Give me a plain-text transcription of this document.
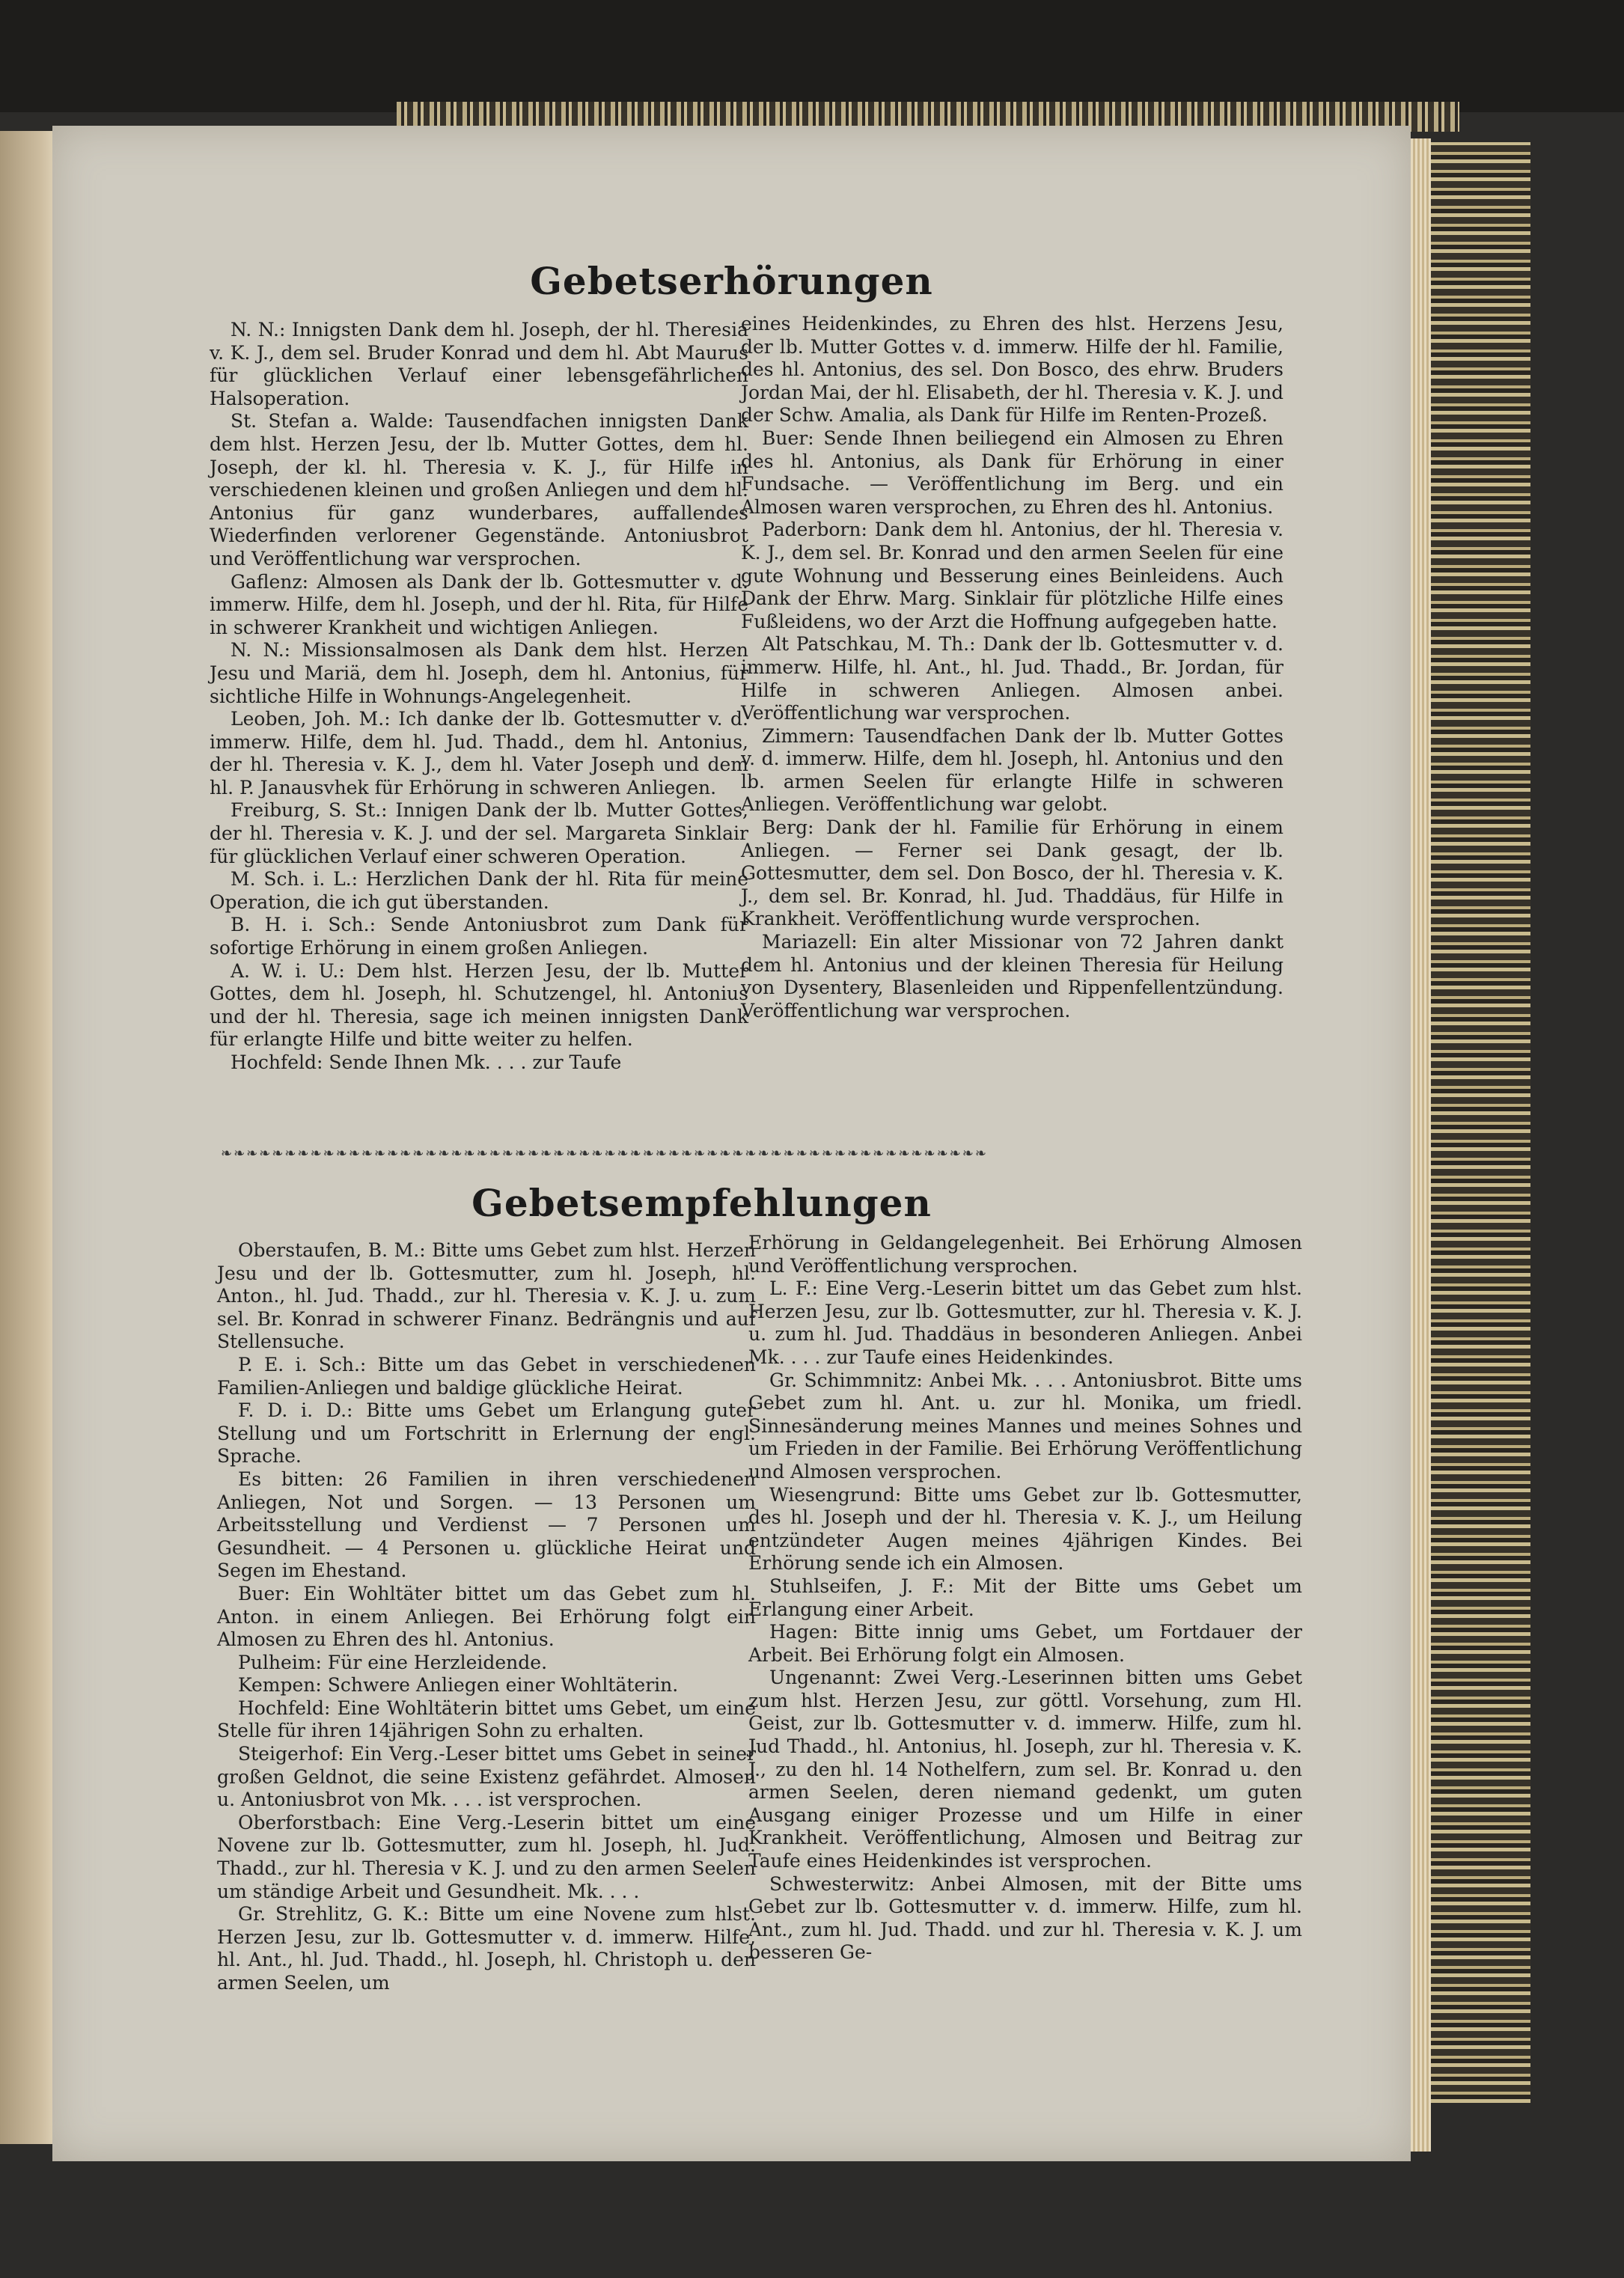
Gebetserhörungen

N. N.: Innigsten Dank dem hl. Joseph, der hl. Theresia v. K. J., dem sel. Bruder Konrad und dem hl. Abt Maurus für glücklichen Verlauf einer lebensgefährlichen Halsoperation.

St. Stefan a. Walde: Tausendfachen innigsten Dank dem hlst. Herzen Jesu, der lb. Mutter Gottes, dem hl. Joseph, der kl. hl. Theresia v. K. J., für Hilfe in verschiedenen kleinen und großen Anliegen und dem hl. Antonius für ganz wunderbares, auffallendes Wiederfinden verlorener Gegenstände. Antoniusbrot und Veröffentlichung war versprochen.

Gaflenz: Almosen als Dank der lb. Gottesmutter v. d. immerw. Hilfe, dem hl. Joseph, und der hl. Rita, für Hilfe in schwerer Krankheit und wichtigen Anliegen.

N. N.: Missionsalmosen als Dank dem hlst. Herzen Jesu und Mariä, dem hl. Joseph, dem hl. Antonius, für sichtliche Hilfe in Wohnungs-Angelegenheit.

Leoben, Joh. M.: Ich danke der lb. Gottesmutter v. d. immerw. Hilfe, dem hl. Jud. Thadd., dem hl. Antonius, der hl. Theresia v. K. J., dem hl. Vater Joseph und dem hl. P. Janausvhek für Erhörung in schweren Anliegen.

Freiburg, S. St.: Innigen Dank der lb. Mutter Gottes, der hl. Theresia v. K. J. und der sel. Margareta Sinklair für glücklichen Verlauf einer schweren Operation.

M. Sch. i. L.: Herzlichen Dank der hl. Rita für meine Operation, die ich gut überstanden.

B. H. i. Sch.: Sende Antoniusbrot zum Dank für sofortige Erhörung in einem großen Anliegen.

A. W. i. U.: Dem hlst. Herzen Jesu, der lb. Mutter Gottes, dem hl. Joseph, hl. Schutzengel, hl. Antonius und der hl. Theresia, sage ich meinen innigsten Dank für erlangte Hilfe und bitte weiter zu helfen.

Hochfeld: Sende Ihnen Mk. . . . zur Taufe

eines Heidenkindes, zu Ehren des hlst. Herzens Jesu, der lb. Mutter Gottes v. d. immerw. Hilfe der hl. Familie, des hl. Antonius, des sel. Don Bosco, des ehrw. Bruders Jordan Mai, der hl. Elisabeth, der hl. Theresia v. K. J. und der Schw. Amalia, als Dank für Hilfe im Renten-Prozeß.

Buer: Sende Ihnen beiliegend ein Almosen zu Ehren des hl. Antonius, als Dank für Erhörung in einer Fundsache. — Veröffentlichung im Berg. und ein Almosen waren versprochen, zu Ehren des hl. Antonius.

Paderborn: Dank dem hl. Antonius, der hl. Theresia v. K. J., dem sel. Br. Konrad und den armen Seelen für eine gute Wohnung und Besserung eines Beinleidens. Auch Dank der Ehrw. Marg. Sinklair für plötzliche Hilfe eines Fußleidens, wo der Arzt die Hoffnung aufgegeben hatte.

Alt Patschkau, M. Th.: Dank der lb. Gottesmutter v. d. immerw. Hilfe, hl. Ant., hl. Jud. Thadd., Br. Jordan, für Hilfe in schweren Anliegen. Almosen anbei. Veröffentlichung war versprochen.

Zimmern: Tausendfachen Dank der lb. Mutter Gottes v. d. immerw. Hilfe, dem hl. Joseph, hl. Antonius und den lb. armen Seelen für erlangte Hilfe in schweren Anliegen. Veröffentlichung war gelobt.

Berg: Dank der hl. Familie für Erhörung in einem Anliegen. — Ferner sei Dank gesagt, der lb. Gottesmutter, dem sel. Don Bosco, der hl. Theresia v. K. J., dem sel. Br. Konrad, hl. Jud. Thaddäus, für Hilfe in Krankheit. Veröffentlichung wurde versprochen.

Mariazell: Ein alter Missionar von 72 Jahren dankt dem hl. Antonius und der kleinen Theresia für Heilung von Dysentery, Blasenleiden und Rippenfellentzündung. Veröffentlichung war versprochen.

❧❧❧❧❧❧❧❧❧❧❧❧❧❧❧❧❧❧❧❧❧❧❧❧❧❧❧❧❧❧❧❧❧❧❧❧❧❧❧❧❧❧❧❧❧❧❧❧❧❧❧❧❧❧❧❧❧❧❧❧
Gebetsempfehlungen

Oberstaufen, B. M.: Bitte ums Gebet zum hlst. Herzen Jesu und der lb. Gottesmutter, zum hl. Joseph, hl. Anton., hl. Jud. Thadd., zur hl. Theresia v. K. J. u. zum sel. Br. Konrad in schwerer Finanz. Bedrängnis und auf Stellensuche.

P. E. i. Sch.: Bitte um das Gebet in verschiedenen Familien-Anliegen und baldige glückliche Heirat.

F. D. i. D.: Bitte ums Gebet um Erlangung guter Stellung und um Fortschritt in Erlernung der engl. Sprache.

Es bitten: 26 Familien in ihren verschiedenen Anliegen, Not und Sorgen. — 13 Personen um Arbeitsstellung und Verdienst — 7 Personen um Gesundheit. — 4 Personen u. glückliche Heirat und Segen im Ehestand.

Buer: Ein Wohltäter bittet um das Gebet zum hl. Anton. in einem Anliegen. Bei Erhörung folgt ein Almosen zu Ehren des hl. Antonius.

Pulheim: Für eine Herzleidende.

Kempen: Schwere Anliegen einer Wohltäterin.

Hochfeld: Eine Wohltäterin bittet ums Gebet, um eine Stelle für ihren 14jährigen Sohn zu erhalten.

Steigerhof: Ein Verg.-Leser bittet ums Gebet in seiner großen Geldnot, die seine Existenz gefährdet. Almosen u. Antoniusbrot von Mk. . . . ist versprochen.

Oberforstbach: Eine Verg.-Leserin bittet um eine Novene zur lb. Gottesmutter, zum hl. Joseph, hl. Jud. Thadd., zur hl. Theresia v K. J. und zu den armen Seelen um ständige Arbeit und Gesundheit. Mk. . . .

Gr. Strehlitz, G. K.: Bitte um eine Novene zum hlst. Herzen Jesu, zur lb. Gottesmutter v. d. immerw. Hilfe, hl. Ant., hl. Jud. Thadd., hl. Joseph, hl. Christoph u. den armen Seelen, um

Erhörung in Geldangelegenheit. Bei Erhörung Almosen und Veröffentlichung versprochen.

L. F.: Eine Verg.-Leserin bittet um das Gebet zum hlst. Herzen Jesu, zur lb. Gottesmutter, zur hl. Theresia v. K. J. u. zum hl. Jud. Thaddäus in besonderen Anliegen. Anbei Mk. . . . zur Taufe eines Heidenkindes.

Gr. Schimmnitz: Anbei Mk. . . . Antoniusbrot. Bitte ums Gebet zum hl. Ant. u. zur hl. Monika, um friedl. Sinnesänderung meines Mannes und meines Sohnes und um Frieden in der Familie. Bei Erhörung Veröffentlichung und Almosen versprochen.

Wiesengrund: Bitte ums Gebet zur lb. Gottesmutter, des hl. Joseph und der hl. Theresia v. K. J., um Heilung entzündeter Augen meines 4jährigen Kindes. Bei Erhörung sende ich ein Almosen.

Stuhlseifen, J. F.: Mit der Bitte ums Gebet um Erlangung einer Arbeit.

Hagen: Bitte innig ums Gebet, um Fortdauer der Arbeit. Bei Erhörung folgt ein Almosen.

Ungenannt: Zwei Verg.-Leserinnen bitten ums Gebet zum hlst. Herzen Jesu, zur göttl. Vorsehung, zum Hl. Geist, zur lb. Gottesmutter v. d. immerw. Hilfe, zum hl. Jud Thadd., hl. Antonius, hl. Joseph, zur hl. Theresia v. K. J., zu den hl. 14 Nothelfern, zum sel. Br. Konrad u. den armen Seelen, deren niemand gedenkt, um guten Ausgang einiger Prozesse und um Hilfe in einer Krankheit. Veröffentlichung, Almosen und Beitrag zur Taufe eines Heidenkindes ist versprochen.

Schwesterwitz: Anbei Almosen, mit der Bitte ums Gebet zur lb. Gottesmutter v. d. immerw. Hilfe, zum hl. Ant., zum hl. Jud. Thadd. und zur hl. Theresia v. K. J. um besseren Ge-
